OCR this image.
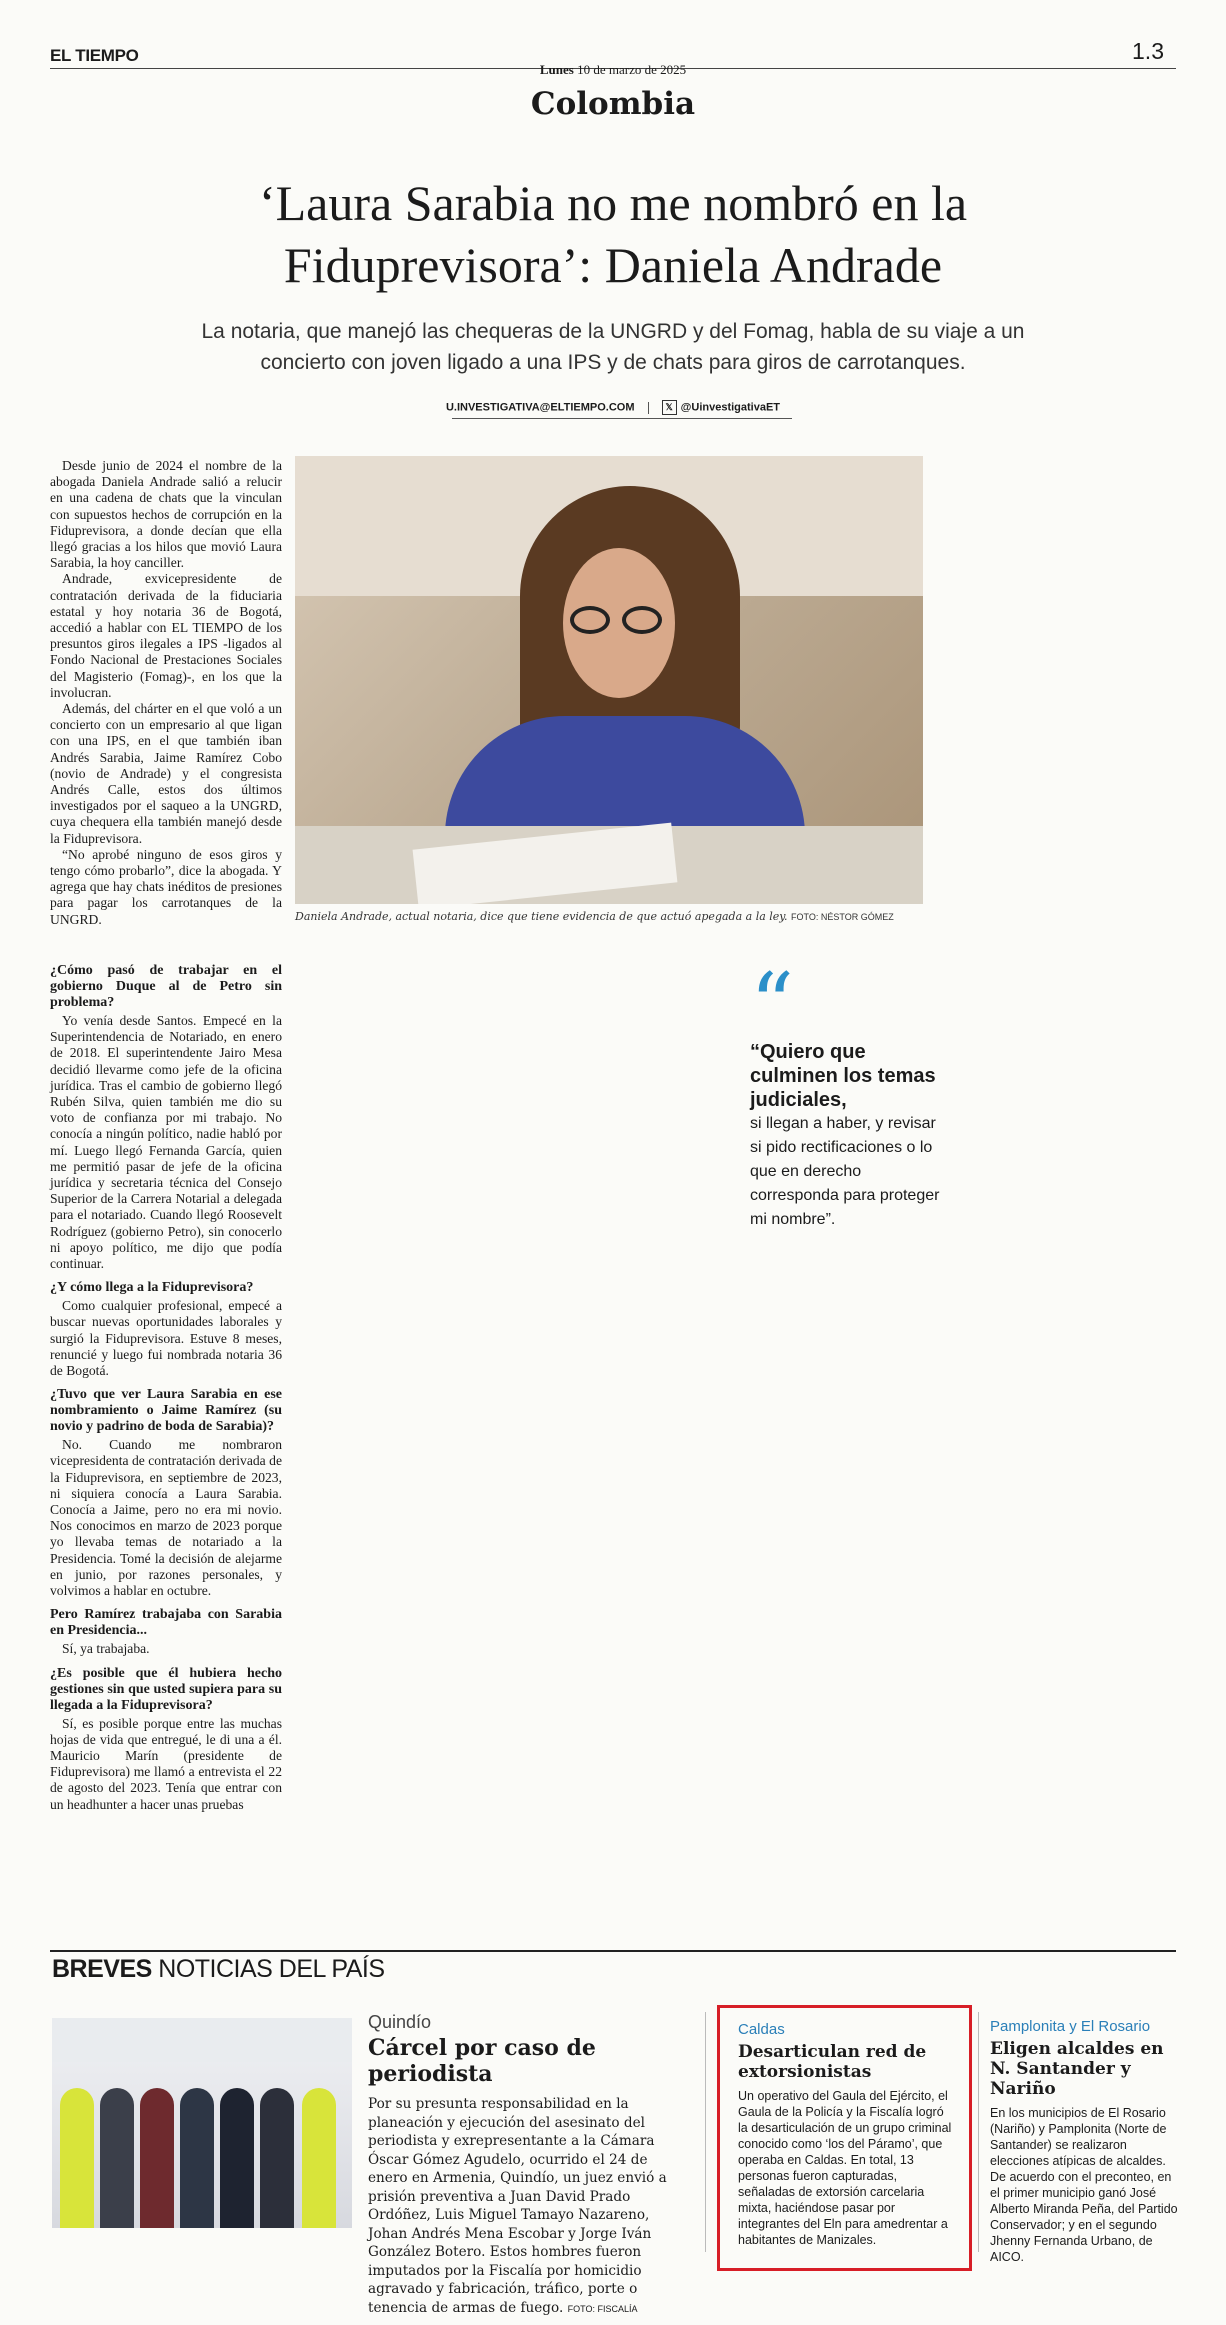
EL TIEMPO	1.3
Lunes 10 de marzo de 2025
Colombia
‘Laura Sarabia no me nombró en la Fiduprevisora’: Daniela Andrade
La notaria, que manejó las chequeras de la UNGRD y del Fomag, habla de su viaje a un concierto con joven ligado a una IPS y de chats para giros de carrotanques.
U.INVESTIGATIVA@ELTIEMPO.COM	𝕏 @UinvestigativaET
Daniela Andrade, actual notaria, dice que tiene evidencia de que actuó apegada a la ley. FOTO: NÉSTOR GÓMEZ

Desde junio de 2024 el nombre de la abogada Daniela Andrade salió a relucir en una cadena de chats que la vinculan con supuestos hechos de corrupción en la Fiduprevisora, a donde decían que ella llegó gracias a los hilos que movió Laura Sarabia, la hoy canciller.

Andrade, exvicepresidente de contratación derivada de la fiduciaria estatal y hoy notaria 36 de Bogotá, accedió a hablar con EL TIEMPO de los presuntos giros ilegales a IPS -ligados al Fondo Nacional de Prestaciones Sociales del Magisterio (Fomag)-, en los que la involucran.

Además, del chárter en el que voló a un concierto con un empresario al que ligan con una IPS, en el que también iban Andrés Sarabia, Jaime Ramírez Cobo (novio de Andrade) y el congresista Andrés Calle, estos dos últimos investigados por el saqueo a la UNGRD, cuya chequera ella también manejó desde la Fiduprevisora.

“No aprobé ninguno de esos giros y tengo cómo probarlo”, dice la abogada. Y agrega que hay chats inéditos de presiones para pagar los carrotanques de la UNGRD.

¿Cómo pasó de trabajar en el gobierno Duque al de Petro sin problema?

Yo venía desde Santos. Empecé en la Superintendencia de Notariado, en enero de 2018. El superintendente Jairo Mesa decidió llevarme como jefe de la oficina jurídica. Tras el cambio de gobierno llegó Rubén Silva, quien también me dio su voto de confianza por mi trabajo. No conocía a ningún político, nadie habló por mí. Luego llegó Fernanda García, quien me permitió pasar de jefe de la oficina jurídica y secretaria técnica del Consejo Superior de la Carrera Notarial a delegada para el notariado. Cuando llegó Roosevelt Rodríguez (gobierno Petro), sin conocerlo ni apoyo político, me dijo que podía continuar.

¿Y cómo llega a la Fiduprevisora?

Como cualquier profesional, empecé a buscar nuevas oportunidades laborales y surgió la Fiduprevisora. Estuve 8 meses, renuncié y luego fui nombrada notaria 36 de Bogotá.

¿Tuvo que ver Laura Sarabia en ese nombramiento o Jaime Ramírez (su novio y padrino de boda de Sarabia)?

No. Cuando me nombraron vicepresidenta de contratación derivada de la Fiduprevisora, en septiembre de 2023, ni siquiera conocía a Laura Sarabia. Conocía a Jaime, pero no era mi novio. Nos conocimos en marzo de 2023 porque yo llevaba temas de notariado a la Presidencia. Tomé la decisión de alejarme en junio, por razones personales, y volvimos a hablar en octubre.

Pero Ramírez trabajaba con Sarabia en Presidencia...

Sí, ya trabajaba.

¿Es posible que él hubiera hecho gestiones sin que usted supiera para su llegada a la Fiduprevisora?

Sí, es posible porque entre las muchas hojas de vida que entregué, le di una a él. Mauricio Marín (presidente de Fiduprevisora) me llamó a entrevista el 22 de agosto del 2023. Tenía que entrar con un headhunter a hacer unas pruebas

“
“Quiero que culminen los temas judiciales,
si llegan a haber, y revisar si pido rectificaciones o lo que en derecho corresponda para proteger mi nombre”.
BREVES NOTICIAS DEL PAÍS
Quindío
Cárcel por caso de periodista
Por su presunta responsabilidad en la planeación y ejecución del asesinato del periodista y exrepresentante a la Cámara Óscar Gómez Agudelo, ocurrido el 24 de enero en Armenia, Quindío, un juez envió a prisión preventiva a Juan David Prado Ordóñez, Luis Miguel Tamayo Nazareno, Johan Andrés Mena Escobar y Jorge Iván González Botero. Estos hombres fueron imputados por la Fiscalía por homicidio agravado y fabricación, tráfico, porte o tenencia de armas de fuego. FOTO: FISCALÍA
Caldas
Desarticulan red de extorsionistas
Un operativo del Gaula del Ejército, el Gaula de la Policía y la Fiscalía logró la desarticulación de un grupo criminal conocido como ‘los del Páramo’, que operaba en Caldas. En total, 13 personas fueron capturadas, señaladas de extorsión carcelaria mixta, haciéndose pasar por integrantes del Eln para amedrentar a habitantes de Manizales.
Pamplonita y El Rosario
Eligen alcaldes en N. Santander y Nariño
En los municipios de El Rosario (Nariño) y Pamplonita (Norte de Santander) se realizaron elecciones atípicas de alcaldes. De acuerdo con el preconteo, en el primer municipio ganó José Alberto Miranda Peña, del Partido Conservador; y en el segundo Jhenny Fernanda Urbano, de AICO.
